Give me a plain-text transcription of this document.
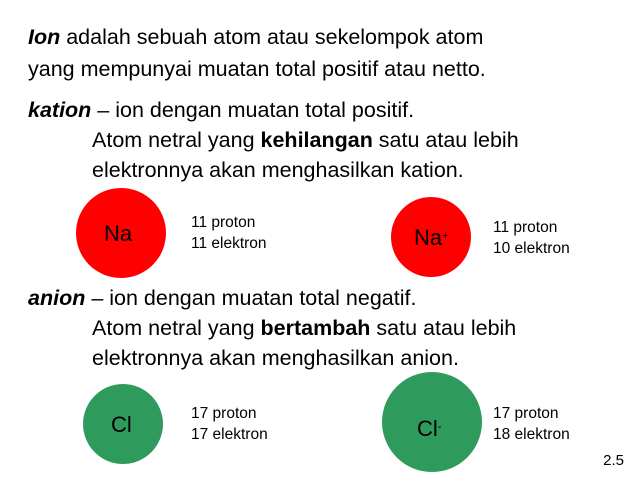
Ion adalah sebuah atom atau sekelompok atom
yang mempunyai muatan total positif atau netto.
kation – ion dengan muatan total positif.
Atom netral yang kehilangan satu atau lebih
elektronnya akan menghasilkan kation.
Na	11 proton
11 elektron	Na+	11 proton
10 elektron
anion – ion dengan muatan total negatif.
Atom netral yang bertambah satu atau lebih
elektronnya akan menghasilkan anion.
Cl	17 proton
17 elektron	Cl-
17 proton
18 elektron
2.5
